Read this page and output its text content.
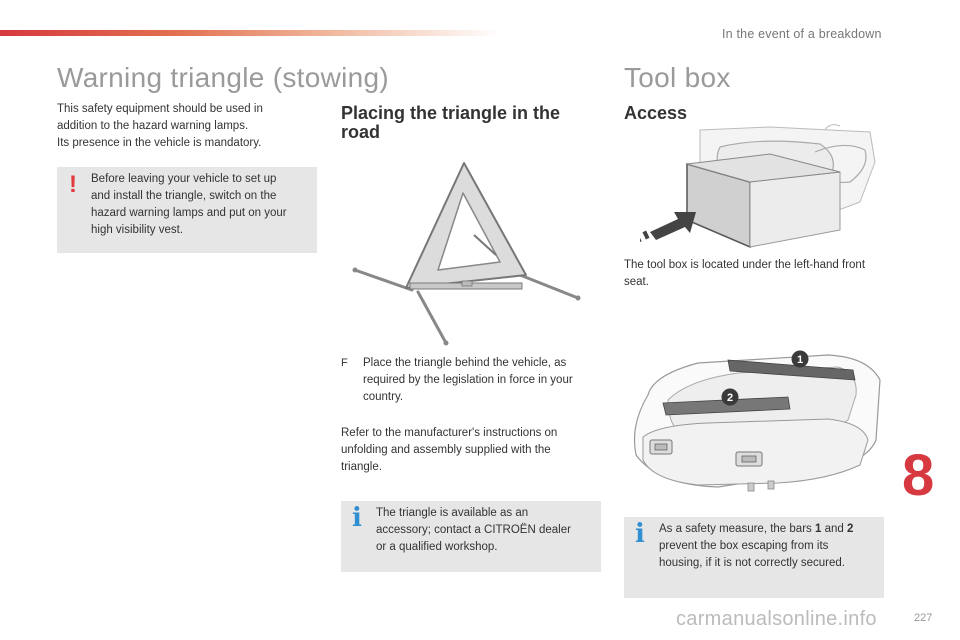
In the event of a breakdown
Warning triangle (stowing)

This safety equipment should be used in

addition to the hazard warning lamps.

Its presence in the vehicle is mandatory.

! Before leaving your vehicle to set up
and install the triangle, switch on the
hazard warning lamps and put on your
high visibility vest.
Placing the triangle in the
road
F Place the triangle behind the vehicle, as
required by the legislation in force in your
country.

Refer to the manufacturer's instructions on

unfolding and assembly supplied with the

triangle.

i The triangle is available as an
accessory; contact a CITROËN dealer
or a qualified workshop.
Tool box
Access

The tool box is located under the left-hand front

seat.

1
2
i As a safety measure, the bars 1 and 2
prevent the box escaping from its
housing, if it is not correctly secured.
8
227
carmanualsonline.info
